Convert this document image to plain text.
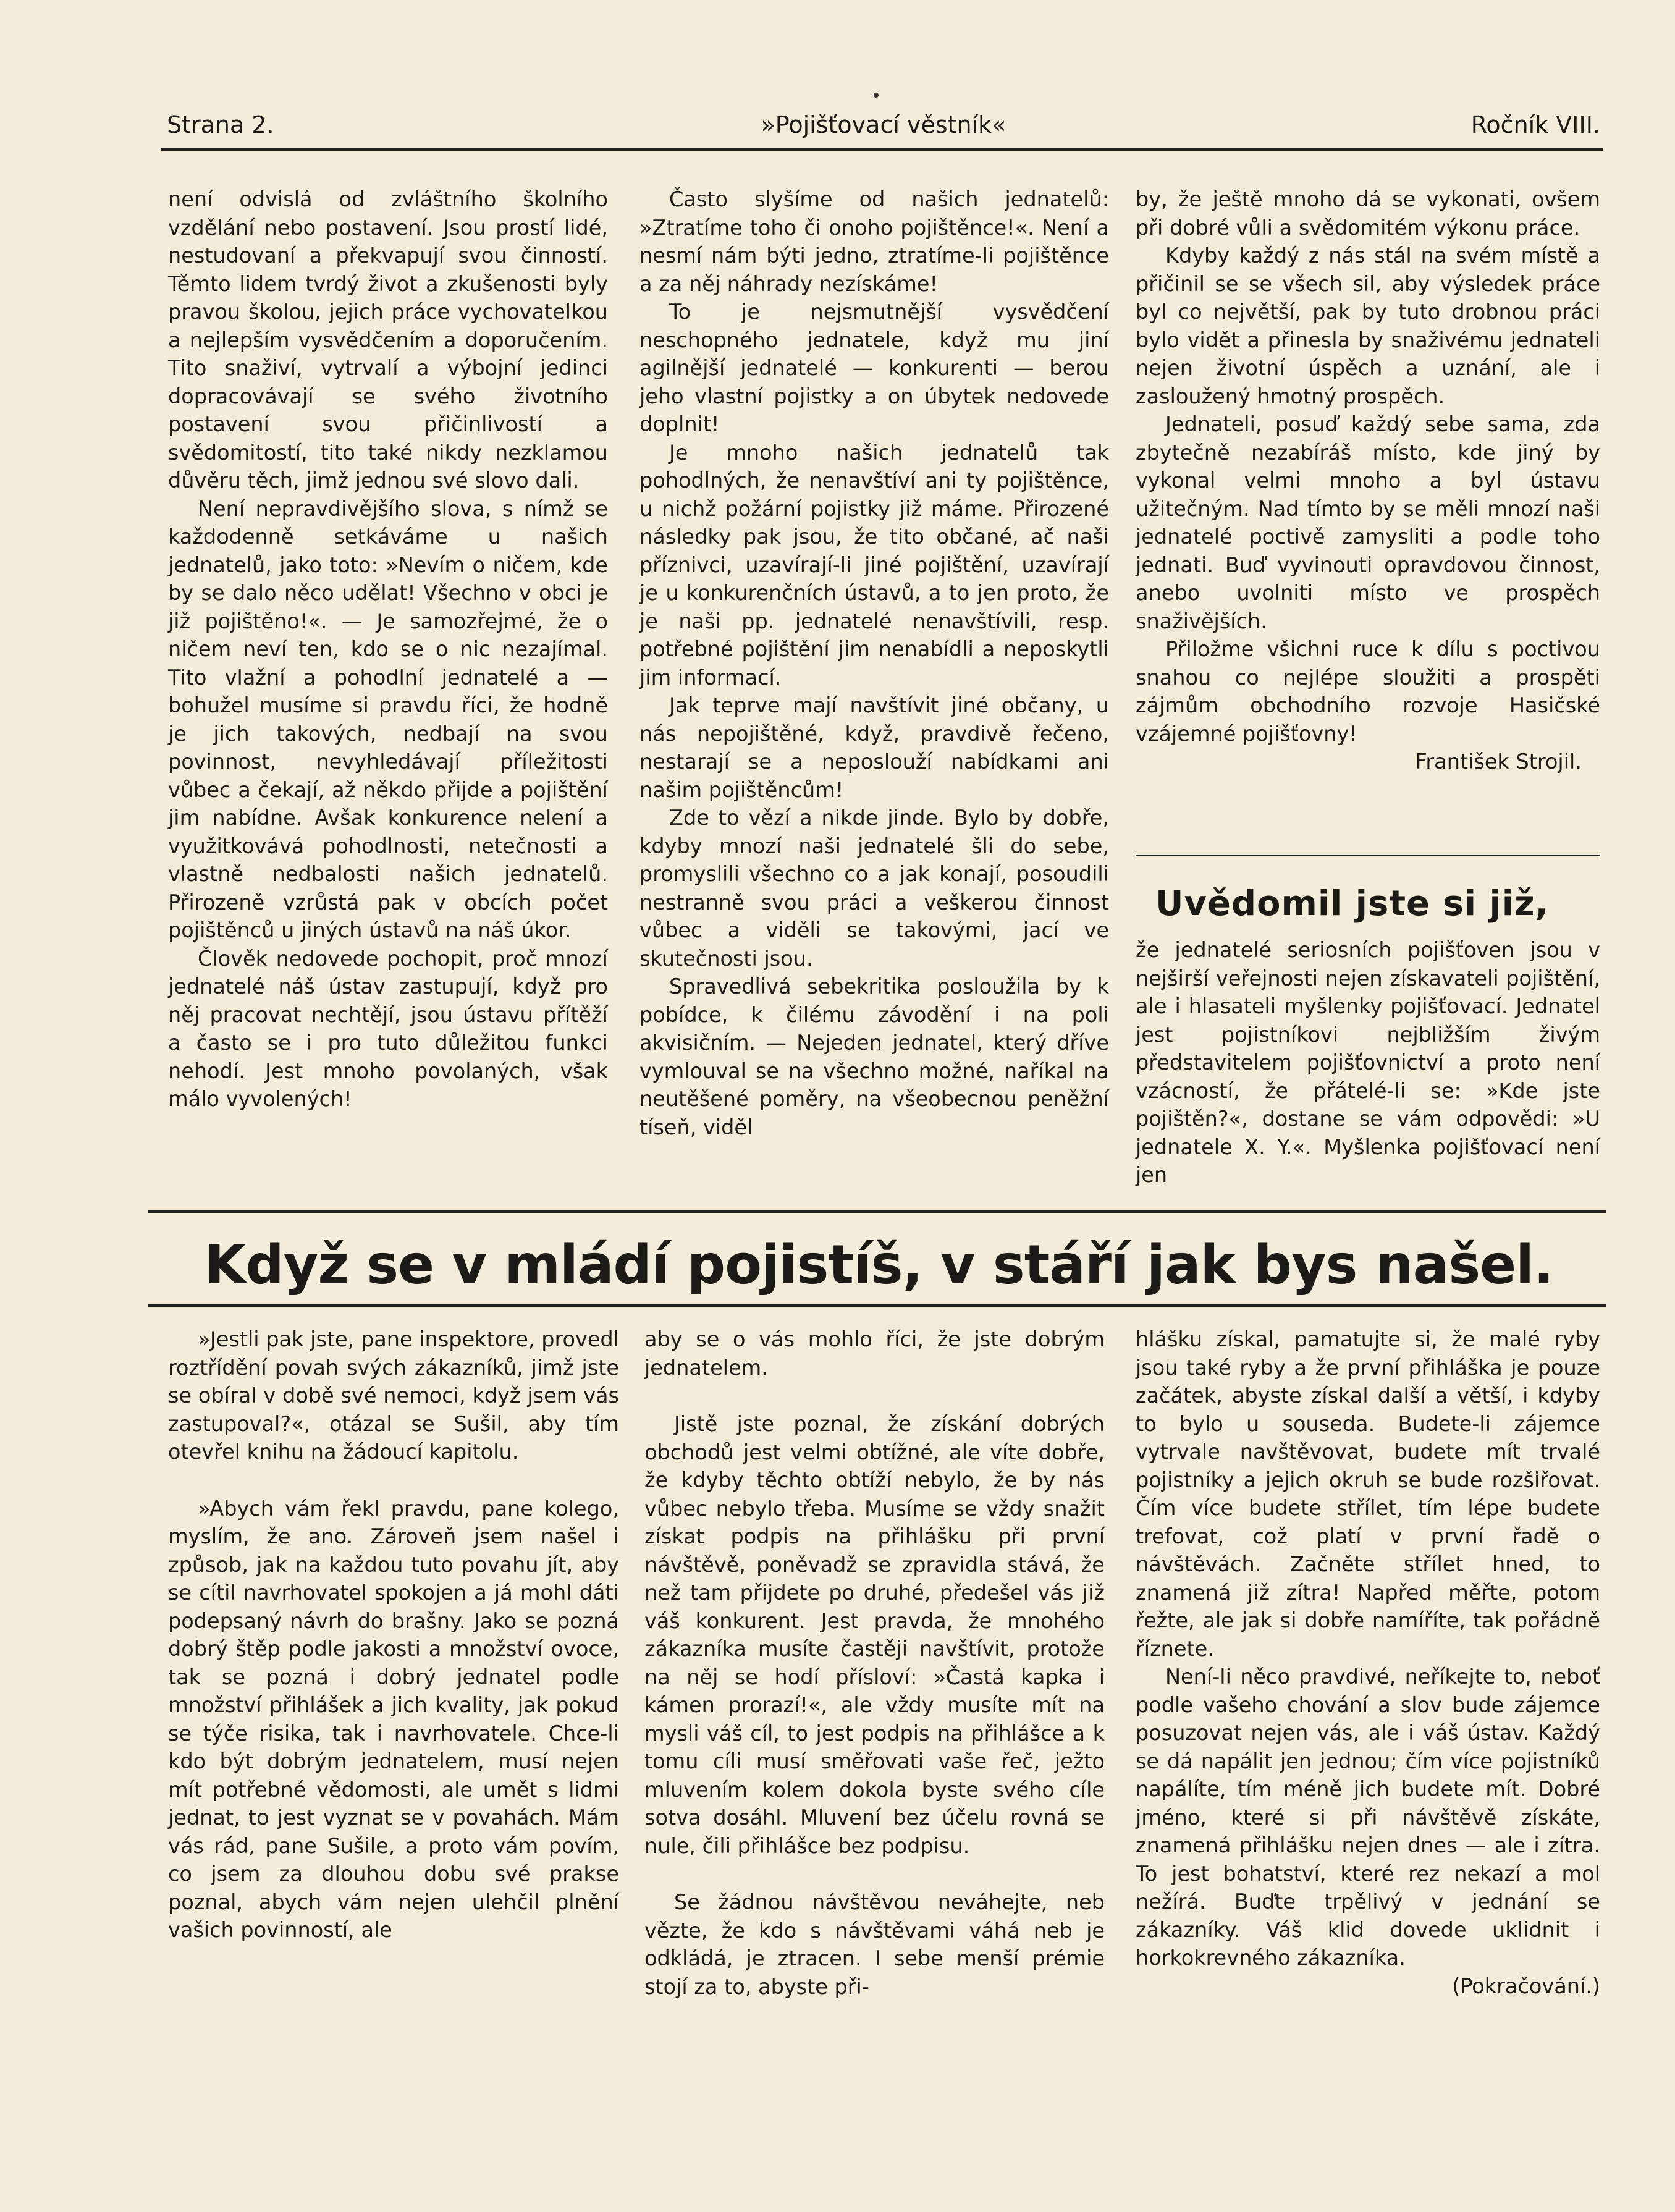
Strana 2.	»Pojišťovací věstník«	Ročník VIII.

není odvislá od zvláštního školního vzdělání nebo postavení. Jsou prostí lidé, nestudovaní a překvapují svou činností. Těmto lidem tvrdý život a zkušenosti byly pravou školou, jejich práce vychovatelkou a nejlepším vysvědčením a doporučením. Tito snaživí, vytrvalí a výbojní jedinci dopracovávají se svého životního postavení svou přičinlivostí a svědomitostí, tito také nikdy nezklamou důvěru těch, jimž jednou své slovo dali.

Není nepravdivějšího slova, s nímž se každodenně setkáváme u našich jednatelů, jako toto: »Nevím o ničem, kde by se dalo něco udělat! Všechno v obci je již pojištěno!«. — Je samozřejmé, že o ničem neví ten, kdo se o nic nezajímal. Tito vlažní a pohodlní jednatelé a — bohužel musíme si pravdu říci, že hodně je jich takových, nedbají na svou povinnost, nevyhledávají příležitosti vůbec a čekají, až někdo přijde a pojištění jim nabídne. Avšak konkurence nelení a využitkovává pohodlnosti, netečnosti a vlastně nedbalosti našich jednatelů. Přirozeně vzrůstá pak v obcích počet pojištěnců u jiných ústavů na náš úkor.

Člověk nedovede pochopit, proč mnozí jednatelé náš ústav zastupují, když pro něj pracovat nechtějí, jsou ústavu přítěží a často se i pro tuto důležitou funkci nehodí. Jest mnoho povolaných, však málo vyvolených!

Často slyšíme od našich jednatelů: »Ztratíme toho či onoho pojištěnce!«. Není a nesmí nám býti jedno, ztratíme-li pojištěnce a za něj náhrady nezískáme!

To je nejsmutnější vysvědčení neschopného jednatele, když mu jiní agilnější jednatelé — konkurenti — berou jeho vlastní pojistky a on úbytek nedovede doplnit!

Je mnoho našich jednatelů tak pohodlných, že nenavštíví ani ty pojištěnce, u nichž požární pojistky již máme. Přirozené následky pak jsou, že tito občané, ač naši příznivci, uzavírají-li jiné pojištění, uzavírají je u konkurenčních ústavů, a to jen proto, že je naši pp. jednatelé nenavštívili, resp. potřebné pojištění jim nenabídli a neposkytli jim informací.

Jak teprve mají navštívit jiné občany, u nás nepojištěné, když, pravdivě řečeno, nestarají se a neposlouží nabídkami ani našim pojištěncům!

Zde to vězí a nikde jinde. Bylo by dobře, kdyby mnozí naši jednatelé šli do sebe, promyslili všechno co a jak konají, posoudili nestranně svou práci a veškerou činnost vůbec a viděli se takovými, jací ve skutečnosti jsou.

Spravedlivá sebekritika posloužila by k pobídce, k čilému závodění i na poli akvisičním. — Nejeden jednatel, který dříve vymlouval se na všechno možné, naříkal na neutěšené poměry, na všeobecnou peněžní tíseň, viděl

by, že ještě mnoho dá se vykonati, ovšem při dobré vůli a svědomitém výkonu práce.

Kdyby každý z nás stál na svém místě a přičinil se se všech sil, aby výsledek práce byl co největší, pak by tuto drobnou práci bylo vidět a přinesla by snaživému jednateli nejen životní úspěch a uznání, ale i zasloužený hmotný prospěch.

Jednateli, posuď každý sebe sama, zda zbytečně nezabíráš místo, kde jiný by vykonal velmi mnoho a byl ústavu užitečným. Nad tímto by se měli mnozí naši jednatelé poctivě zamysliti a podle toho jednati. Buď vyvinouti opravdovou činnost, anebo uvolniti místo ve prospěch snaživějších.

Přiložme všichni ruce k dílu s poctivou snahou co nejlépe sloužiti a prospěti zájmům obchodního rozvoje Hasičské vzájemné pojišťovny!

František Strojil.

Uvědomil jste si již,

že jednatelé seriosních pojišťoven jsou v nejširší veřejnosti nejen získavateli pojištění, ale i hlasateli myšlenky pojišťovací. Jednatel jest pojistníkovi nejbližším živým představitelem pojišťovnictví a proto není vzácností, že přátelé-li se: »Kde jste pojištěn?«, dostane se vám odpovědi: »U jednatele X. Y.«. Myšlenka pojišťovací není jen

Když se v mládí pojistíš, v stáří jak bys našel.

»Jestli pak jste, pane inspektore, provedl roztřídění povah svých zákazníků, jimž jste se obíral v době své nemoci, když jsem vás zastupoval?«, otázal se Sušil, aby tím otevřel knihu na žádoucí kapitolu.

»Abych vám řekl pravdu, pane kolego, myslím, že ano. Zároveň jsem našel i způsob, jak na každou tuto povahu jít, aby se cítil navrhovatel spokojen a já mohl dáti podepsaný návrh do brašny. Jako se pozná dobrý štěp podle jakosti a množství ovoce, tak se pozná i dobrý jednatel podle množství přihlášek a jich kvality, jak pokud se týče risika, tak i navrhovatele. Chce-li kdo být dobrým jednatelem, musí nejen mít potřebné vědomosti, ale umět s lidmi jednat, to jest vyznat se v povahách. Mám vás rád, pane Sušile, a proto vám povím, co jsem za dlouhou dobu své prakse poznal, abych vám nejen ulehčil plnění vašich povinností, ale

aby se o vás mohlo říci, že jste dobrým jednatelem.

Jistě jste poznal, že získání dobrých obchodů jest velmi obtížné, ale víte dobře, že kdyby těchto obtíží nebylo, že by nás vůbec nebylo třeba. Musíme se vždy snažit získat podpis na přihlášku při první návštěvě, poněvadž se zpravidla stává, že než tam přijdete po druhé, předešel vás již váš konkurent. Jest pravda, že mnohého zákazníka musíte častěji navštívit, protože na něj se hodí přísloví: »Častá kapka i kámen prorazí!«, ale vždy musíte mít na mysli váš cíl, to jest podpis na přihlášce a k tomu cíli musí směřovati vaše řeč, ježto mluvením kolem dokola byste svého cíle sotva dosáhl. Mluvení bez účelu rovná se nule, čili přihlášce bez podpisu.

Se žádnou návštěvou neváhejte, neb vězte, že kdo s návštěvami váhá neb je odkládá, je ztracen. I sebe menší prémie stojí za to, abyste při-

hlášku získal, pamatujte si, že malé ryby jsou také ryby a že první přihláška je pouze začátek, abyste získal další a větší, i kdyby to bylo u souseda. Budete-li zájemce vytrvale navštěvovat, budete mít trvalé pojistníky a jejich okruh se bude rozšiřovat. Čím více budete střílet, tím lépe budete trefovat, což platí v první řadě o návštěvách. Začněte střílet hned, to znamená již zítra! Napřed měřte, potom řežte, ale jak si dobře namíříte, tak pořádně říznete.

Není-li něco pravdivé, neříkejte to, neboť podle vašeho chování a slov bude zájemce posuzovat nejen vás, ale i váš ústav. Každý se dá napálit jen jednou; čím více pojistníků napálíte, tím méně jich budete mít. Dobré jméno, které si při návštěvě získáte, znamená přihlášku nejen dnes — ale i zítra. To jest bohatství, které rez nekazí a mol nežírá. Buďte trpělivý v jednání se zákazníky. Váš klid dovede uklidnit i horkokrevného zákazníka.

(Pokračování.)
